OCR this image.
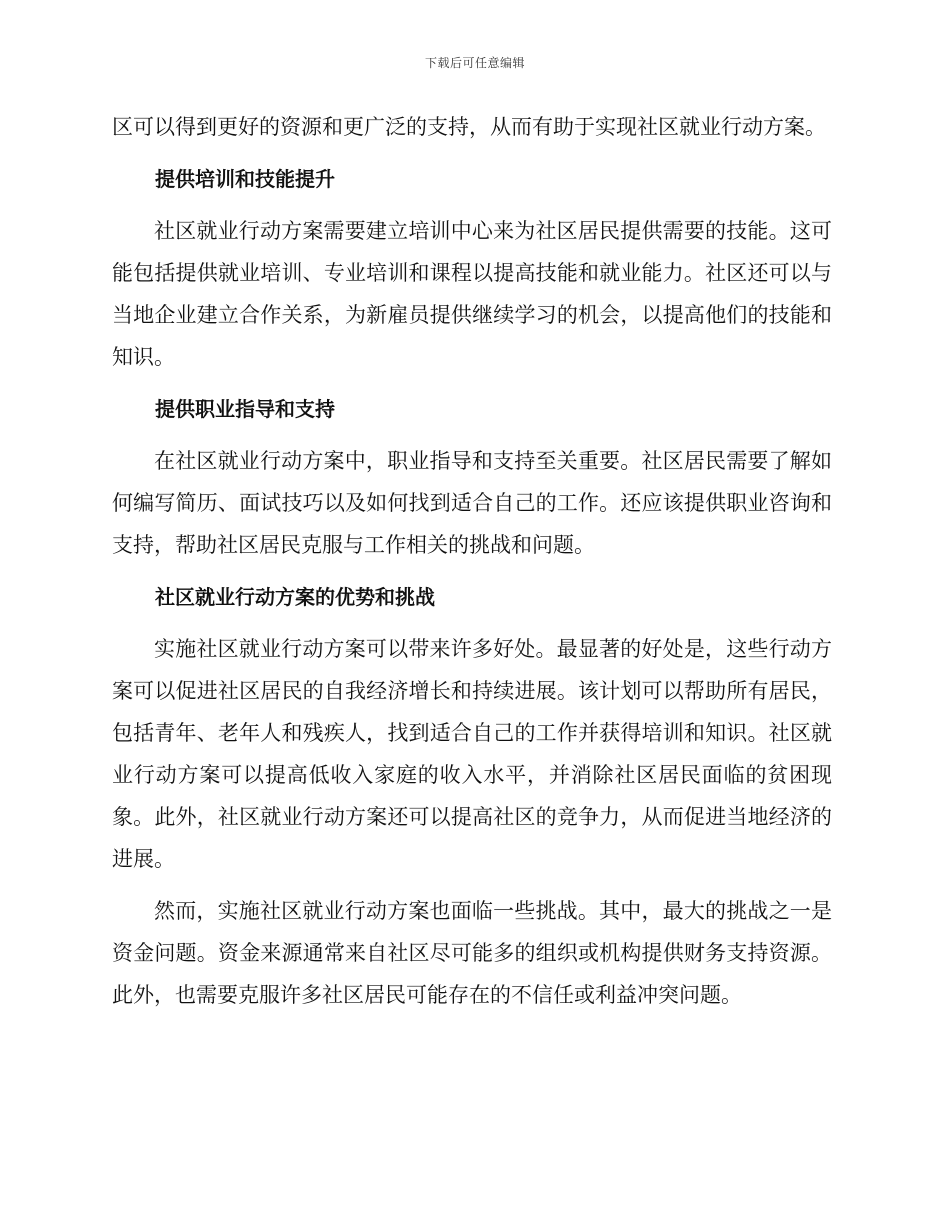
下载后可任意编辑

区可以得到更好的资源和更广泛的支持，从而有助于实现社区就业行动方案。

提供培训和技能提升

社区就业行动方案需要建立培训中心来为社区居民提供需要的技能。这可能包括提供就业培训、专业培训和课程以提高技能和就业能力。社区还可以与当地企业建立合作关系，为新雇员提供继续学习的机会，以提高他们的技能和知识。

提供职业指导和支持

在社区就业行动方案中，职业指导和支持至关重要。社区居民需要了解如何编写简历、面试技巧以及如何找到适合自己的工作。还应该提供职业咨询和支持，帮助社区居民克服与工作相关的挑战和问题。

社区就业行动方案的优势和挑战

实施社区就业行动方案可以带来许多好处。最显著的好处是，这些行动方案可以促进社区居民的自我经济增长和持续进展。该计划可以帮助所有居民，包括青年、老年人和残疾人，找到适合自己的工作并获得培训和知识。社区就业行动方案可以提高低收入家庭的收入水平，并消除社区居民面临的贫困现象。此外，社区就业行动方案还可以提高社区的竞争力，从而促进当地经济的进展。

然而，实施社区就业行动方案也面临一些挑战。其中，最大的挑战之一是资金问题。资金来源通常来自社区尽可能多的组织或机构提供财务支持资源。此外，也需要克服许多社区居民可能存在的不信任或利益冲突问题。
